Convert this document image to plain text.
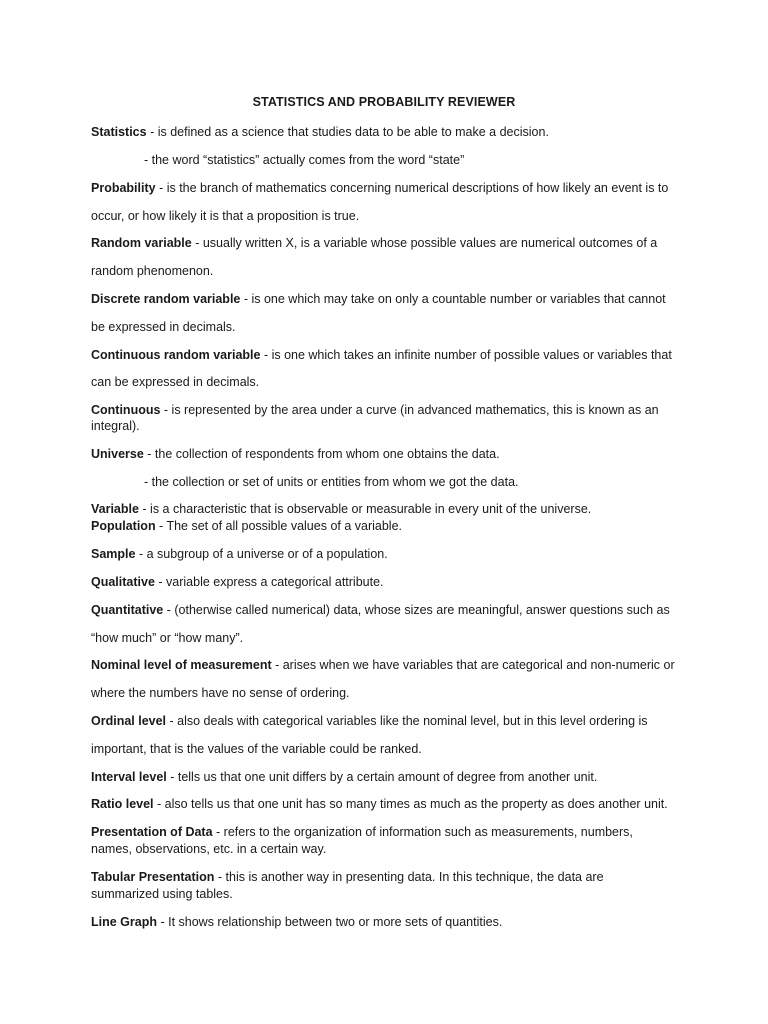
STATISTICS AND PROBABILITY REVIEWER
Statistics - is defined as a science that studies data to be able to make a decision.
- the word “statistics” actually comes from the word “state”
Probability - is the branch of mathematics concerning numerical descriptions of how likely an event is to
occur, or how likely it is that a proposition is true.
Random variable - usually written X, is a variable whose possible values are numerical outcomes of a
random phenomenon.
Discrete random variable - is one which may take on only a countable number or variables that cannot
be expressed in decimals.
Continuous random variable - is one which takes an infinite number of possible values or variables that
can be expressed in decimals.
Continuous - is represented by the area under a curve (in advanced mathematics, this is known as an
integral).
Universe - the collection of respondents from whom one obtains the data.
- the collection or set of units or entities from whom we got the data.
Variable - is a characteristic that is observable or measurable in every unit of the universe.
Population - The set of all possible values of a variable.
Sample - a subgroup of a universe or of a population.
Qualitative - variable express a categorical attribute.
Quantitative - (otherwise called numerical) data, whose sizes are meaningful, answer questions such as
“how much” or “how many”.
Nominal level of measurement - arises when we have variables that are categorical and non-numeric or
where the numbers have no sense of ordering.
Ordinal level - also deals with categorical variables like the nominal level, but in this level ordering is
important, that is the values of the variable could be ranked.
Interval level - tells us that one unit differs by a certain amount of degree from another unit.
Ratio level - also tells us that one unit has so many times as much as the property as does another unit.
Presentation of Data - refers to the organization of information such as measurements, numbers,
names, observations, etc. in a certain way.
Tabular Presentation - this is another way in presenting data. In this technique, the data are
summarized using tables.
Line Graph - It shows relationship between two or more sets of quantities.
